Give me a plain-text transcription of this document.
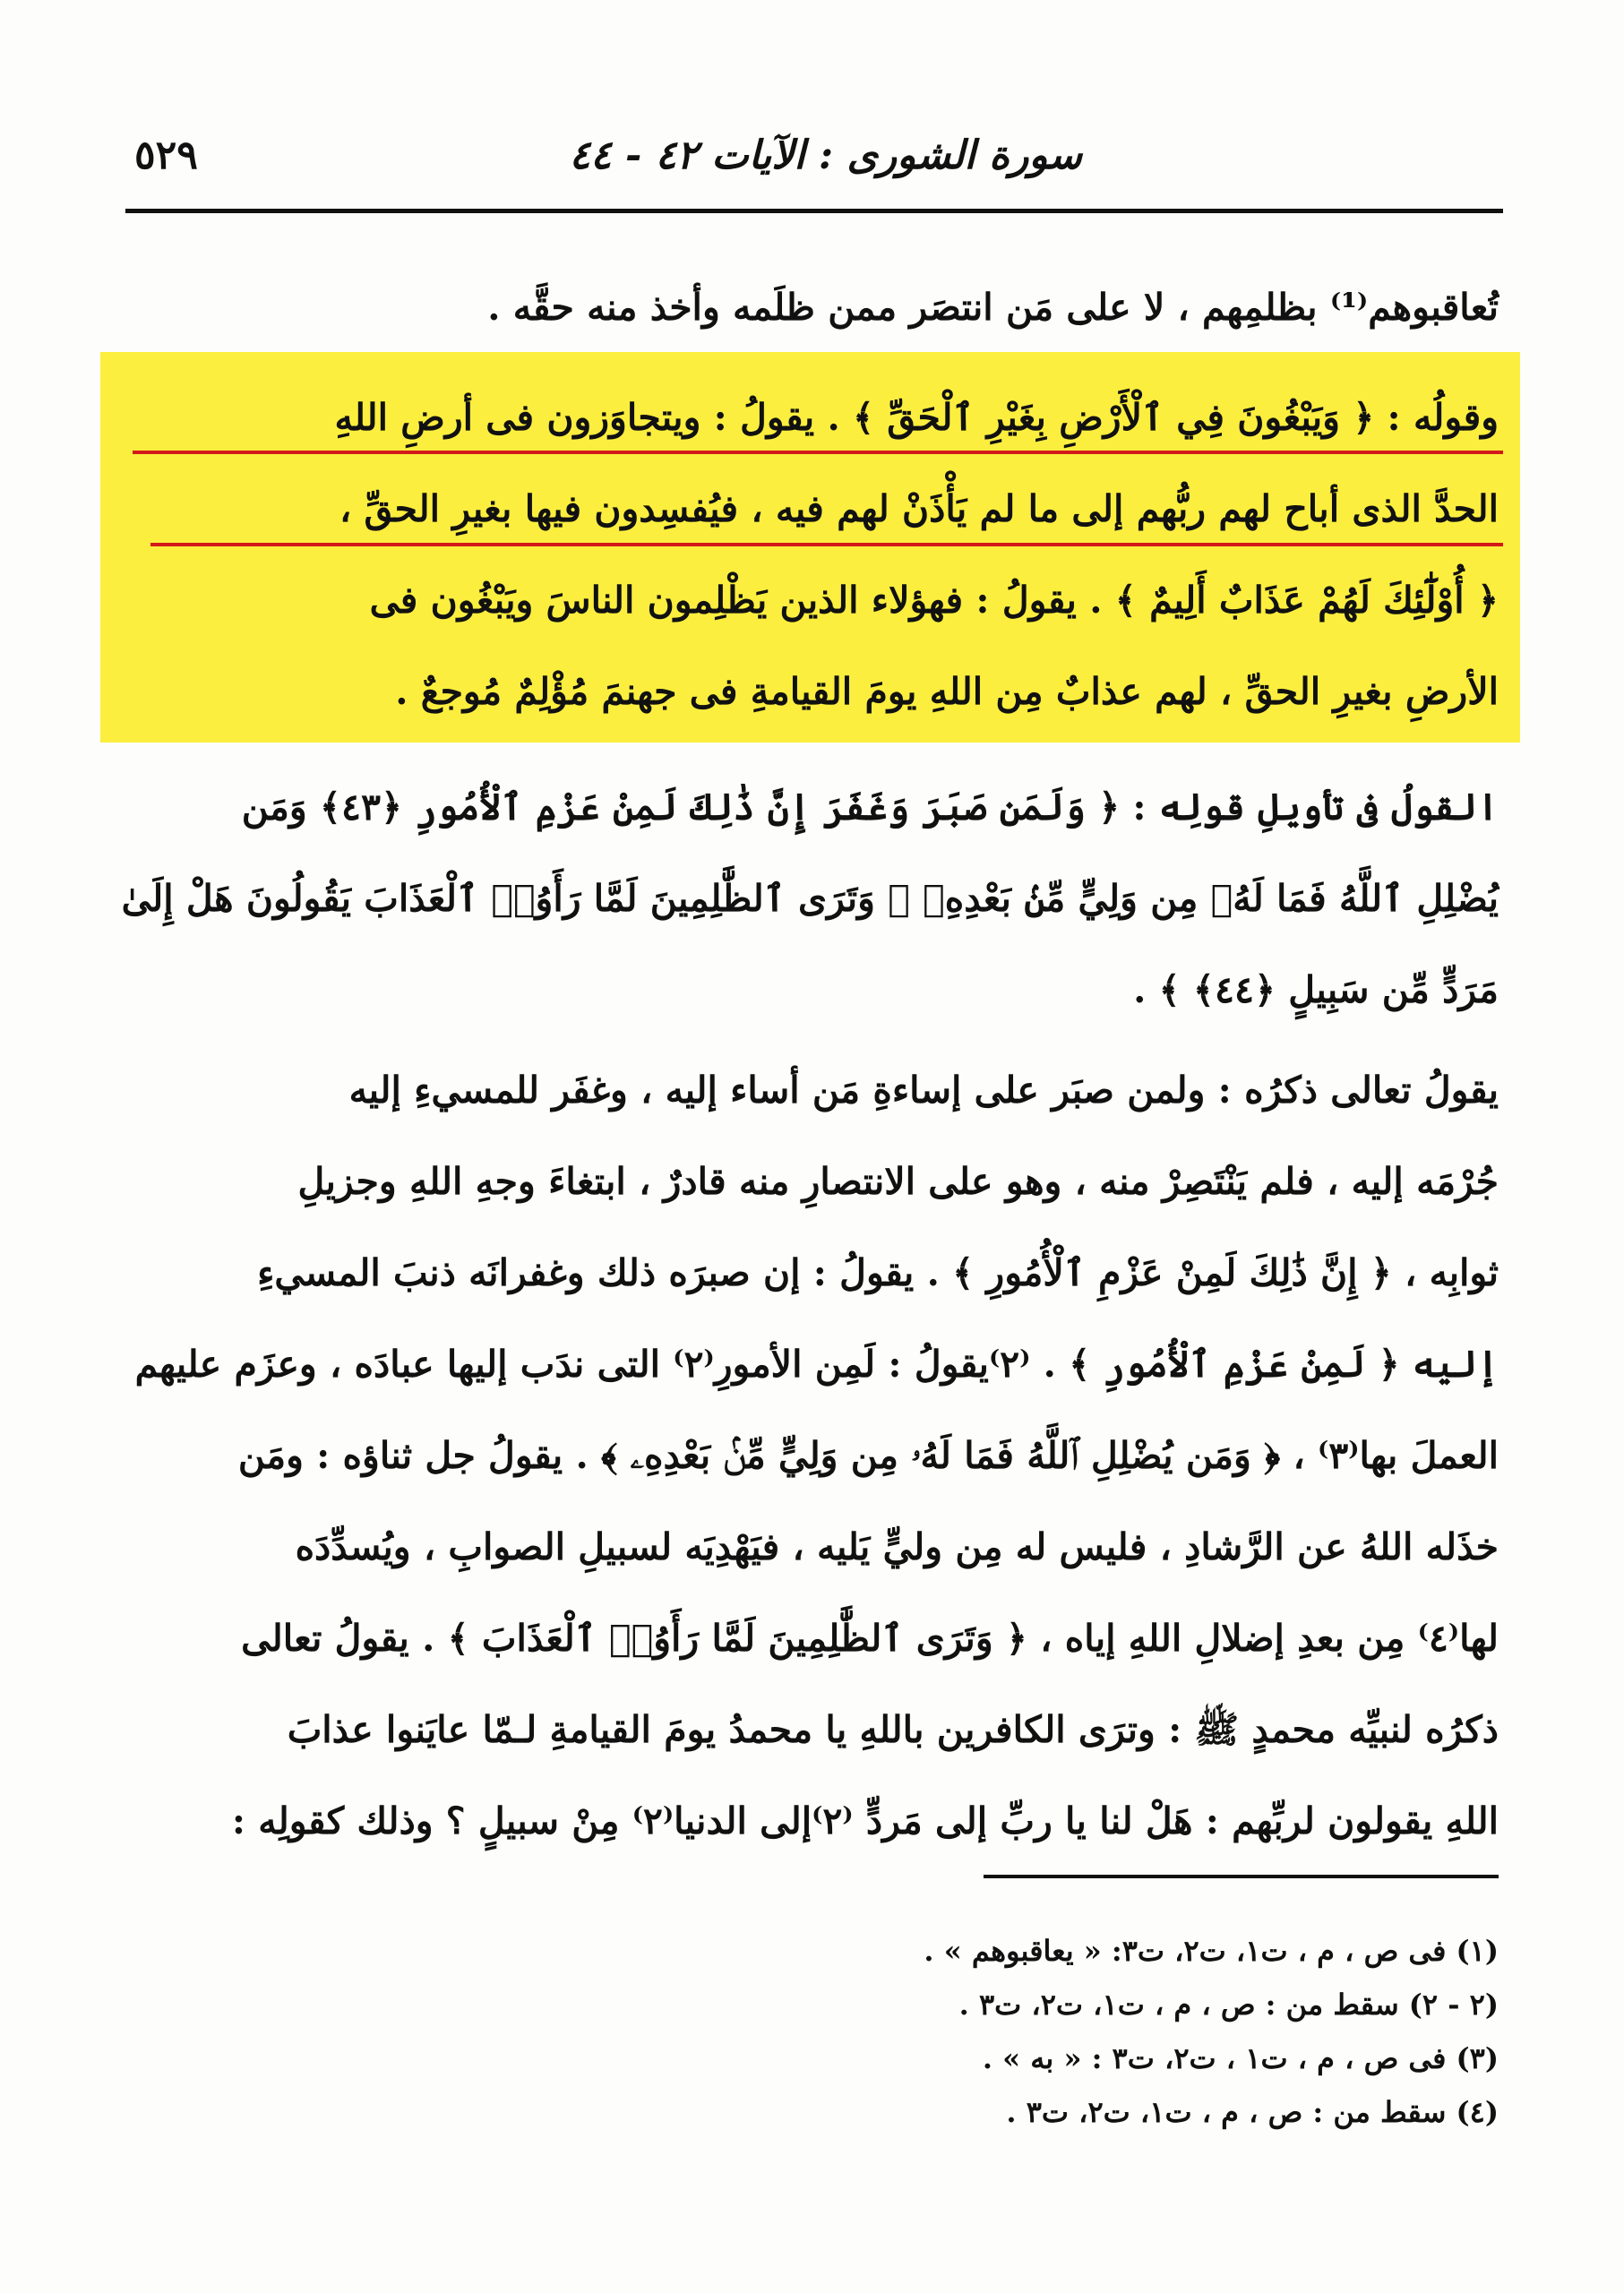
سورة الشورى : الآيات ٤٢ - ٤٤
٥٢٩

تُعاقبوهم⁽¹⁾ بظلمِهم ، لا على مَن انتصَر ممن ظلَمه وأخذ منه حقَّه .

وقولُه : ﴿ وَيَبْغُونَ فِي ٱلْأَرْضِ بِغَيْرِ ٱلْحَقِّ ﴾ . يقولُ : ويتجاوَزون فى أرضِ اللهِ
الحدَّ الذى أباح لهم ربُّهم إلى ما لم يَأْذَنْ لهم فيه ، فيُفسِدون فيها بغيرِ الحقِّ ،
﴿ أُوْلَٰٓئِكَ لَهُمْ عَذَابٌ أَلِيمٌ ﴾ . يقولُ : فهؤلاء الذين يَظْلِمون الناسَ ويَبْغُون فى
الأرضِ بغيرِ الحقِّ ، لهم عذابٌ مِن اللهِ يومَ القيامةِ فى جهنمَ مُؤْلِمٌ مُوجعٌ .
القولُ فى تأويلِ قولِه : ﴿ وَلَمَن صَبَرَ وَغَفَرَ إِنَّ ذَٰلِكَ لَمِنْ عَزْمِ ٱلْأُمُورِ ﴿٤٣﴾ وَمَن
يُضْلِلِ ٱللَّهُ فَمَا لَهُۥ مِن وَلِيٍّ مِّنۢ بَعْدِهِۦ ۗ وَتَرَى ٱلظَّٰلِمِينَ لَمَّا رَأَوُا۟ ٱلْعَذَابَ يَقُولُونَ هَلْ إِلَىٰ
مَرَدٍّ مِّن سَبِيلٍ ﴿٤٤﴾ ﴾ .
يقولُ تعالى ذكرُه : ولمن صبَر على إساءةِ مَن أساء إليه ، وغفَر للمسيءِ إليه
جُرْمَه إليه ، فلم يَنْتَصِرْ منه ، وهو على الانتصارِ منه قادرٌ ، ابتغاءَ وجهِ اللهِ وجزيلِ
ثوابِه ، ﴿ إِنَّ ذَٰلِكَ لَمِنْ عَزْمِ ٱلْأُمُورِ ﴾ . يقولُ : إن صبرَه ذلك وغفرانَه ذنبَ المسيءِ
إليه ﴿ لَمِنْ عَزْمِ ٱلْأُمُورِ ﴾ . ⁽٢⁾يقولُ : لَمِن الأمورِ⁽٢⁾ التى ندَب إليها عبادَه ، وعزَم عليهم
العملَ بها⁽٣⁾ ، ﴿ وَمَن يُضْلِلِ ٱللَّهُ فَمَا لَهُۥ مِن وَلِيٍّ مِّنۢ بَعْدِهِۦ ﴾ . يقولُ جل ثناؤه : ومَن
خذَله اللهُ عن الرَّشادِ ، فليس له مِن وليٍّ يَليه ، فيَهْدِيَه لسبيلِ الصوابِ ، ويُسدِّدَه
لها⁽٤⁾ مِن بعدِ إضلالِ اللهِ إياه ، ﴿ وَتَرَى ٱلظَّٰلِمِينَ لَمَّا رَأَوُا۟ ٱلْعَذَابَ ﴾ . يقولُ تعالى
ذكرُه لنبيِّه محمدٍ ﷺ : وترَى الكافرين باللهِ يا محمدُ يومَ القيامةِ لـمّا عايَنوا عذابَ
اللهِ يقولون لربِّهم : هَلْ لنا يا ربِّ إلى مَردٍّ ⁽٢⁾إلى الدنيا⁽٢⁾ مِنْ سبيلٍ ؟ وذلك كقولِه :
(١) فى ص ، م ، ت١، ت٢، ت٣: « يعاقبوهم » .
(٢ - ٢) سقط من : ص ، م ، ت١، ت٢، ت٣ .
(٣) فى ص ، م ، ت١ ، ت٢، ت٣ : « به » .
(٤) سقط من : ص ، م ، ت١، ت٢، ت٣ .
